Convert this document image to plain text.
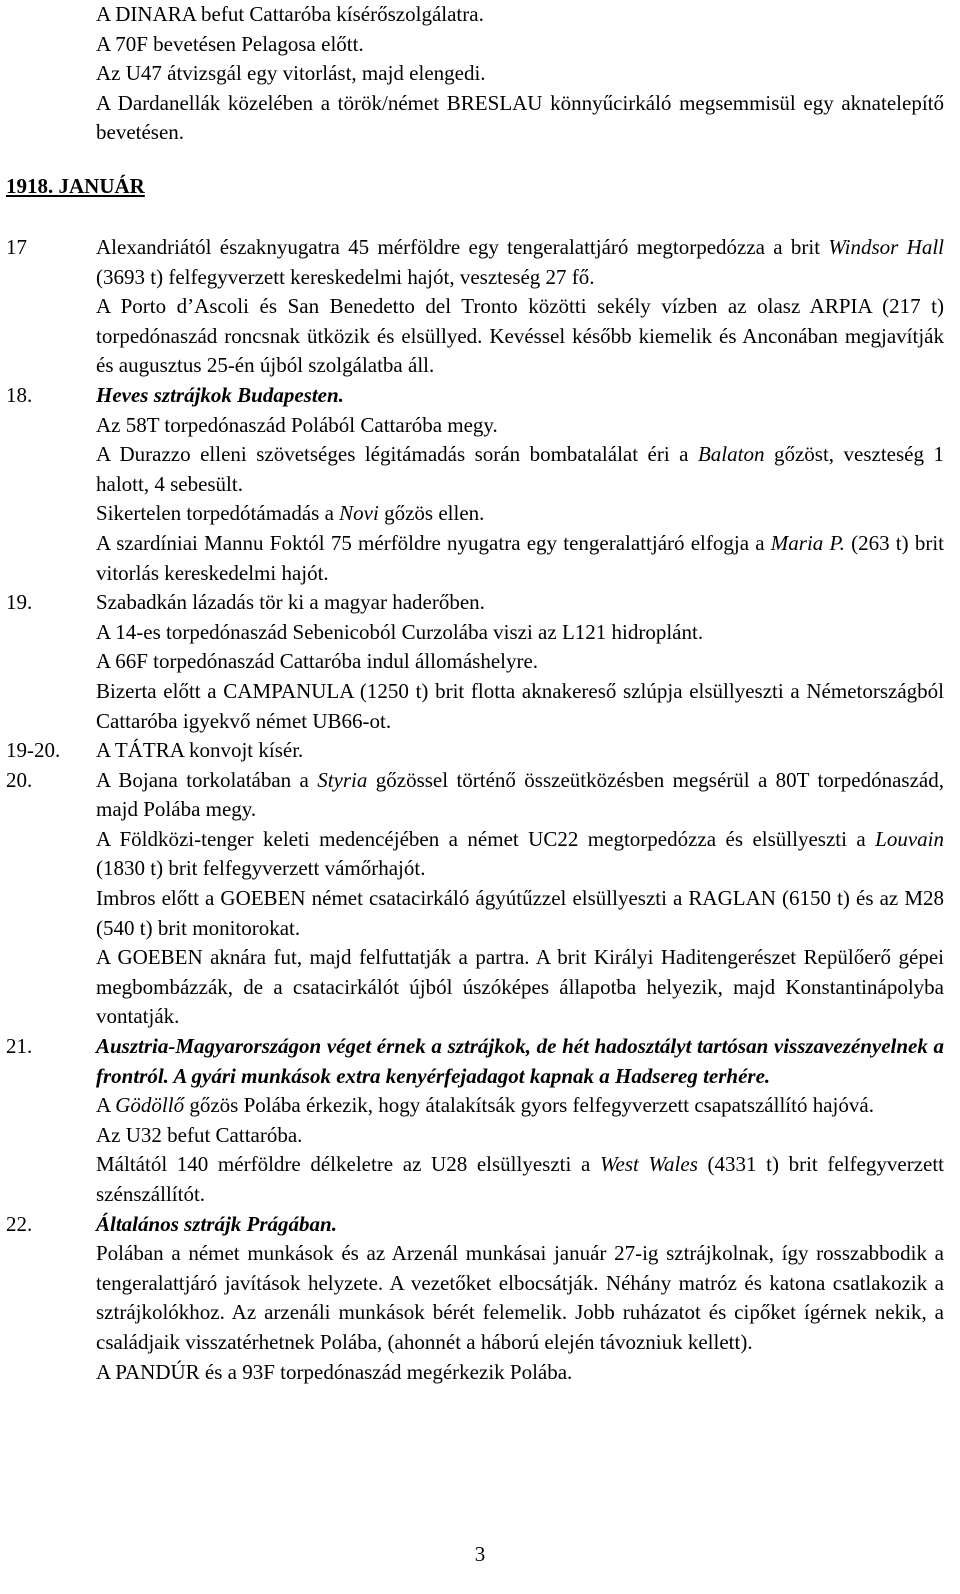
A DINARA befut Cattaróba kísérőszolgálatra.

A 70F bevetésen Pelagosa előtt.

Az U47 átvizsgál egy vitorlást, majd elengedi.

A Dardanellák közelében a török/német BRESLAU könnyűcirkáló megsemmisül egy aknatelepítő bevetésen.

1918. JANUÁR

17	Alexandriától északnyugatra 45 mérföldre egy tengeralattjáró megtorpedózza a brit Windsor Hall (3693 t) felfegyverzett kereskedelmi hajót, veszteség 27 fő.

A Porto d’Ascoli és San Benedetto del Tronto közötti sekély vízben az olasz ARPIA (217 t) torpedónaszád roncsnak ütközik és elsüllyed. Kevéssel később kiemelik és Anconában megjavítják és augusztus 25-én újból szolgálatba áll.

18.	Heves sztrájkok Budapesten.

Az 58T torpedónaszád Polából Cattaróba megy.

A Durazzo elleni szövetséges légitámadás során bombatalálat éri a Balaton gőzöst, veszteség 1 halott, 4 sebesült.

Sikertelen torpedótámadás a Novi gőzös ellen.

A szardíniai Mannu Foktól 75 mérföldre nyugatra egy tengeralattjáró elfogja a Maria P. (263 t) brit vitorlás kereskedelmi hajót.

19.	Szabadkán lázadás tör ki a magyar haderőben.

A 14-es torpedónaszád Sebenicoból Curzolába viszi az L121 hidroplánt.

A 66F torpedónaszád Cattaróba indul állomáshelyre.

Bizerta előtt a CAMPANULA (1250 t) brit flotta aknakereső szlúpja elsüllyeszti a Németországból Cattaróba igyekvő német UB66-ot.

19-20.	A TÁTRA konvojt kísér.

20.	A Bojana torkolatában a Styria gőzössel történő összeütközésben megsérül a 80T torpedónaszád, majd Polába megy.

A Földközi-tenger keleti medencéjében a német UC22 megtorpedózza és elsüllyeszti a Louvain (1830 t) brit felfegyverzett vámőrhajót.

Imbros előtt a GOEBEN német csatacirkáló ágyútűzzel elsüllyeszti a RAGLAN (6150 t) és az M28 (540 t) brit monitorokat.

A GOEBEN aknára fut, majd felfuttatják a partra. A brit Királyi Haditengerészet Repülőerő gépei megbombázzák, de a csatacirkálót újból úszóképes állapotba helyezik, majd Konstantinápolyba vontatják.

21.	Ausztria-Magyarországon véget érnek a sztrájkok, de hét hadosztályt tartósan visszavezényelnek a frontról. A gyári munkások extra kenyérfejadagot kapnak a Hadsereg terhére.

A Gödöllő gőzös Polába érkezik, hogy átalakítsák gyors felfegyverzett csapatszállító hajóvá.

Az U32 befut Cattaróba.

Máltától 140 mérföldre délkeletre az U28 elsüllyeszti a West Wales (4331 t) brit felfegyverzett szénszállítót.

22.	Általános sztrájk Prágában.

Polában a német munkások és az Arzenál munkásai január 27-ig sztrájkolnak, így rosszabbodik a tengeralattjáró javítások helyzete. A vezetőket elbocsátják. Néhány matróz és katona csatlakozik a sztrájkolókhoz. Az arzenáli munkások bérét felemelik. Jobb ruházatot és cipőket ígérnek nekik, a családjaik visszatérhetnek Polába, (ahonnét a háború elején távozniuk kellett).

A PANDÚR és a 93F torpedónaszád megérkezik Polába.

3
